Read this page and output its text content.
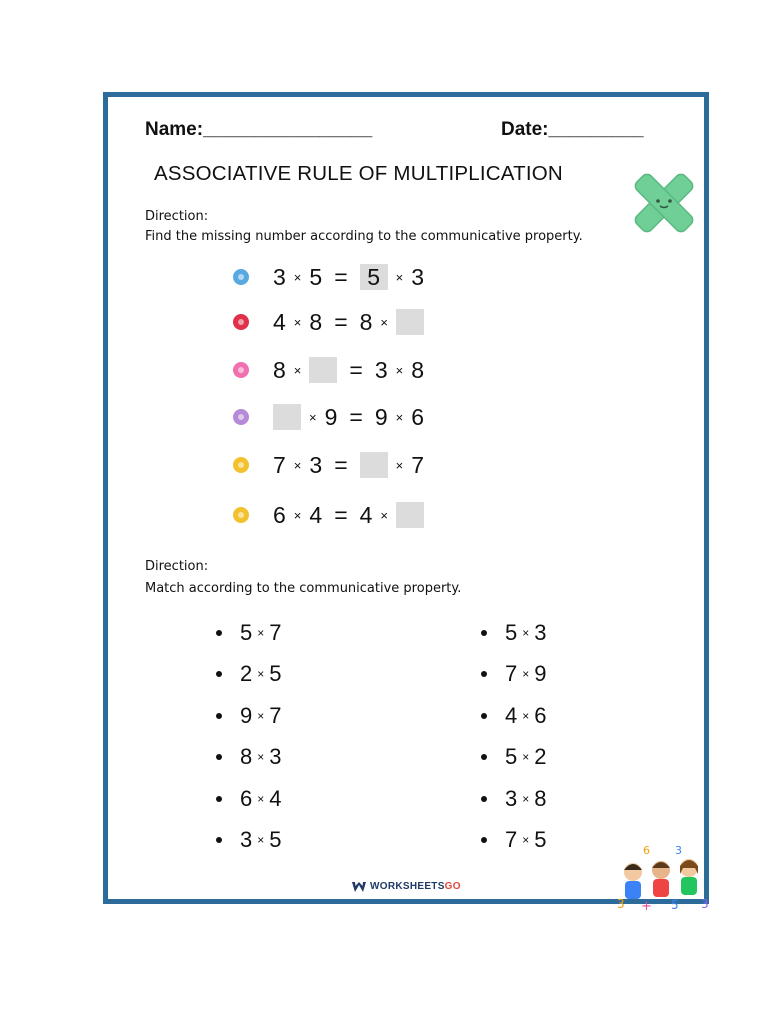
Name:________________	Date:_________
ASSOCIATIVE RULE OF MULTIPLICATION
Direction:
Find the missing number according to the communicative property.
3 × 5 = 5	× 3
4 × 8 = 8 ×
8 × = 3 × 8
× 9 = 9 × 6
7 × 3 =	× 7
6 × 4 = 4 ×
Direction:
Match according to the communicative property.
5 × 7
2 × 5
9 × 7
8 × 3
6 × 4
3 × 5
5 × 3
7 × 9
4 × 6
5 × 2
3 × 8
7 × 5
WORKSHEETS GO
3 + 5 3
3
6
